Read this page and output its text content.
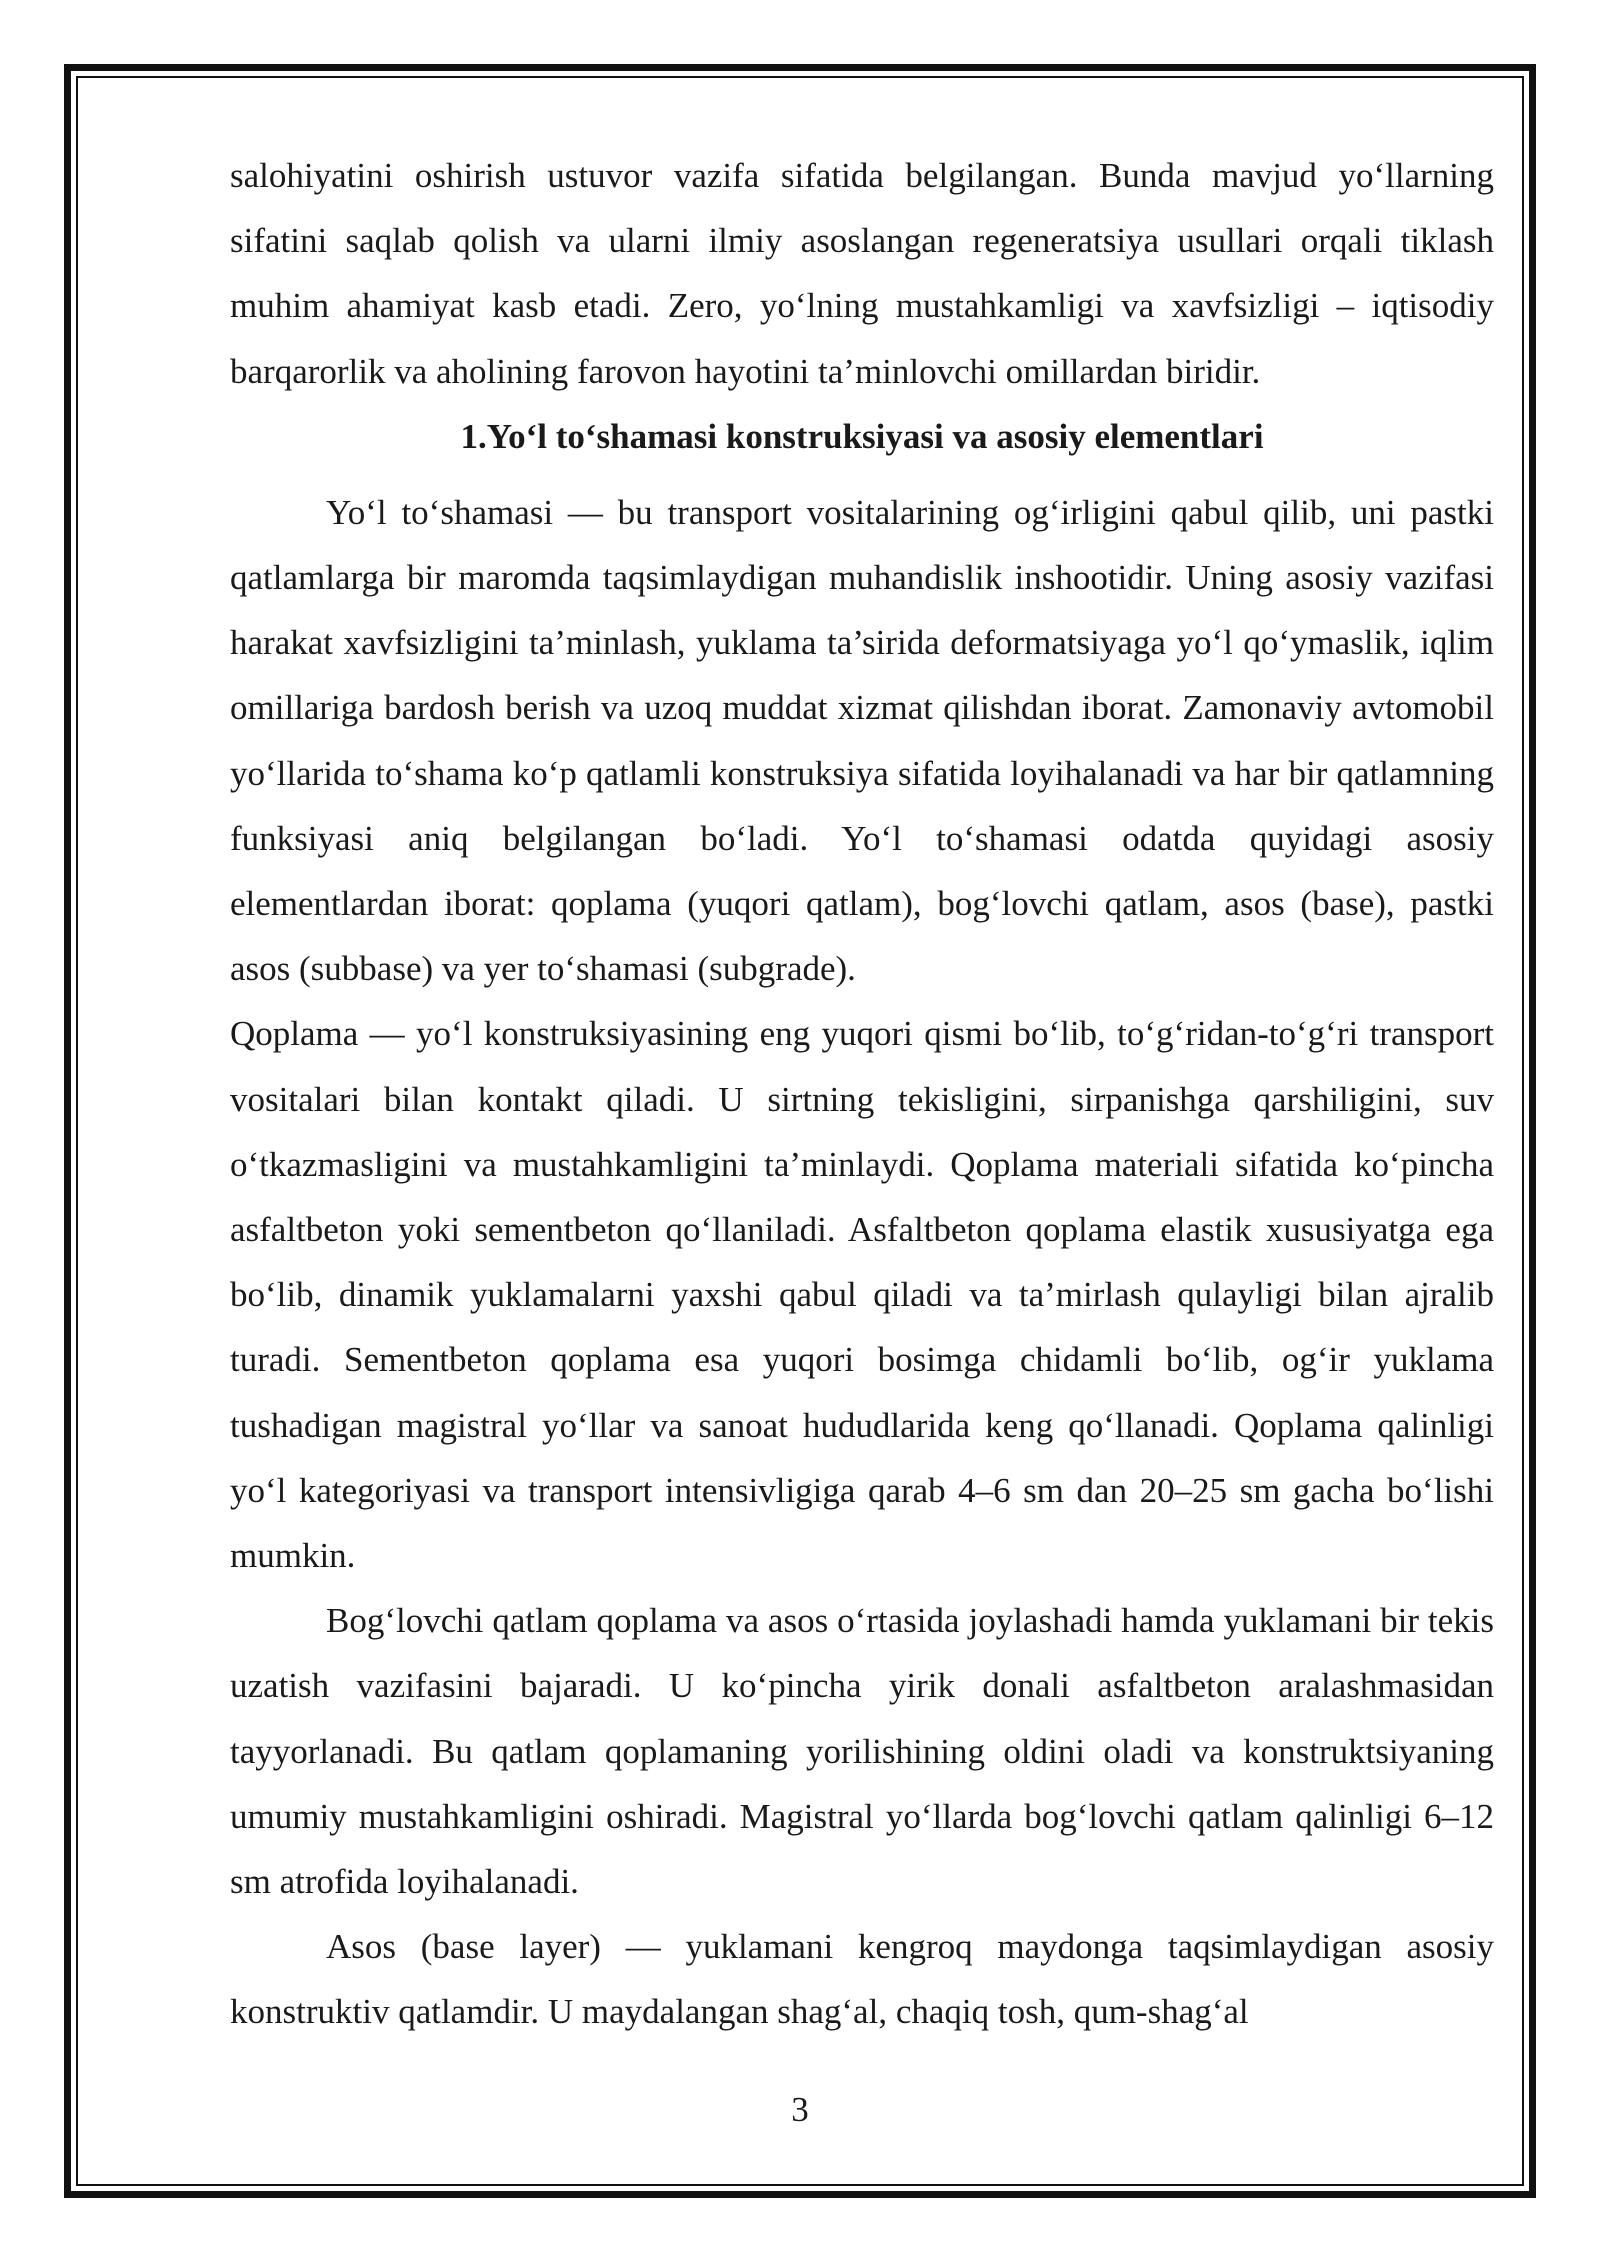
salohiyatini oshirish ustuvor vazifa sifatida belgilangan. Bunda mavjud yo‘llarning sifatini saqlab qolish va ularni ilmiy asoslangan regeneratsiya usullari orqali tiklash muhim ahamiyat kasb etadi. Zero, yo‘lning mustahkamligi va xavfsizligi – iqtisodiy barqarorlik va aholining farovon hayotini ta’minlovchi omillardan biridir.

1.Yo‘l to‘shamasi konstruksiyasi va asosiy elementlari

Yo‘l to‘shamasi — bu transport vositalarining og‘irligini qabul qilib, uni pastki qatlamlarga bir maromda taqsimlaydigan muhandislik inshootidir. Uning asosiy vazifasi harakat xavfsizligini ta’minlash, yuklama ta’sirida deformatsiyaga yo‘l qo‘ymaslik, iqlim omillariga bardosh berish va uzoq muddat xizmat qilishdan iborat. Zamonaviy avtomobil yo‘llarida to‘shama ko‘p qatlamli konstruksiya sifatida loyihalanadi va har bir qatlamning funksiyasi aniq belgilangan bo‘ladi. Yo‘l to‘shamasi odatda quyidagi asosiy elementlardan iborat: qoplama (yuqori qatlam), bog‘lovchi qatlam, asos (base), pastki asos (subbase) va yer to‘shamasi (subgrade).

Qoplama — yo‘l konstruksiyasining eng yuqori qismi bo‘lib, to‘g‘ridan-to‘g‘ri transport vositalari bilan kontakt qiladi. U sirtning tekisligini, sirpanishga qarshiligini, suv o‘tkazmasligini va mustahkamligini ta’minlaydi. Qoplama materiali sifatida ko‘pincha asfaltbeton yoki sementbeton qo‘llaniladi. Asfaltbeton qoplama elastik xususiyatga ega bo‘lib, dinamik yuklamalarni yaxshi qabul qiladi va ta’mirlash qulayligi bilan ajralib turadi. Sementbeton qoplama esa yuqori bosimga chidamli bo‘lib, og‘ir yuklama tushadigan magistral yo‘llar va sanoat hududlarida keng qo‘llanadi. Qoplama qalinligi yo‘l kategoriyasi va transport intensivligiga qarab 4–6 sm dan 20–25 sm gacha bo‘lishi mumkin.

Bog‘lovchi qatlam qoplama va asos o‘rtasida joylashadi hamda yuklamani bir tekis uzatish vazifasini bajaradi. U ko‘pincha yirik donali asfaltbeton aralashmasidan tayyorlanadi. Bu qatlam qoplamaning yorilishining oldini oladi va konstruktsiyaning umumiy mustahkamligini oshiradi. Magistral yo‘llarda bog‘lovchi qatlam qalinligi 6–12 sm atrofida loyihalanadi.

Asos (base layer) — yuklamani kengroq maydonga taqsimlaydigan asosiy konstruktiv qatlamdir. U maydalangan shag‘al, chaqiq tosh, qum-shag‘al

3
